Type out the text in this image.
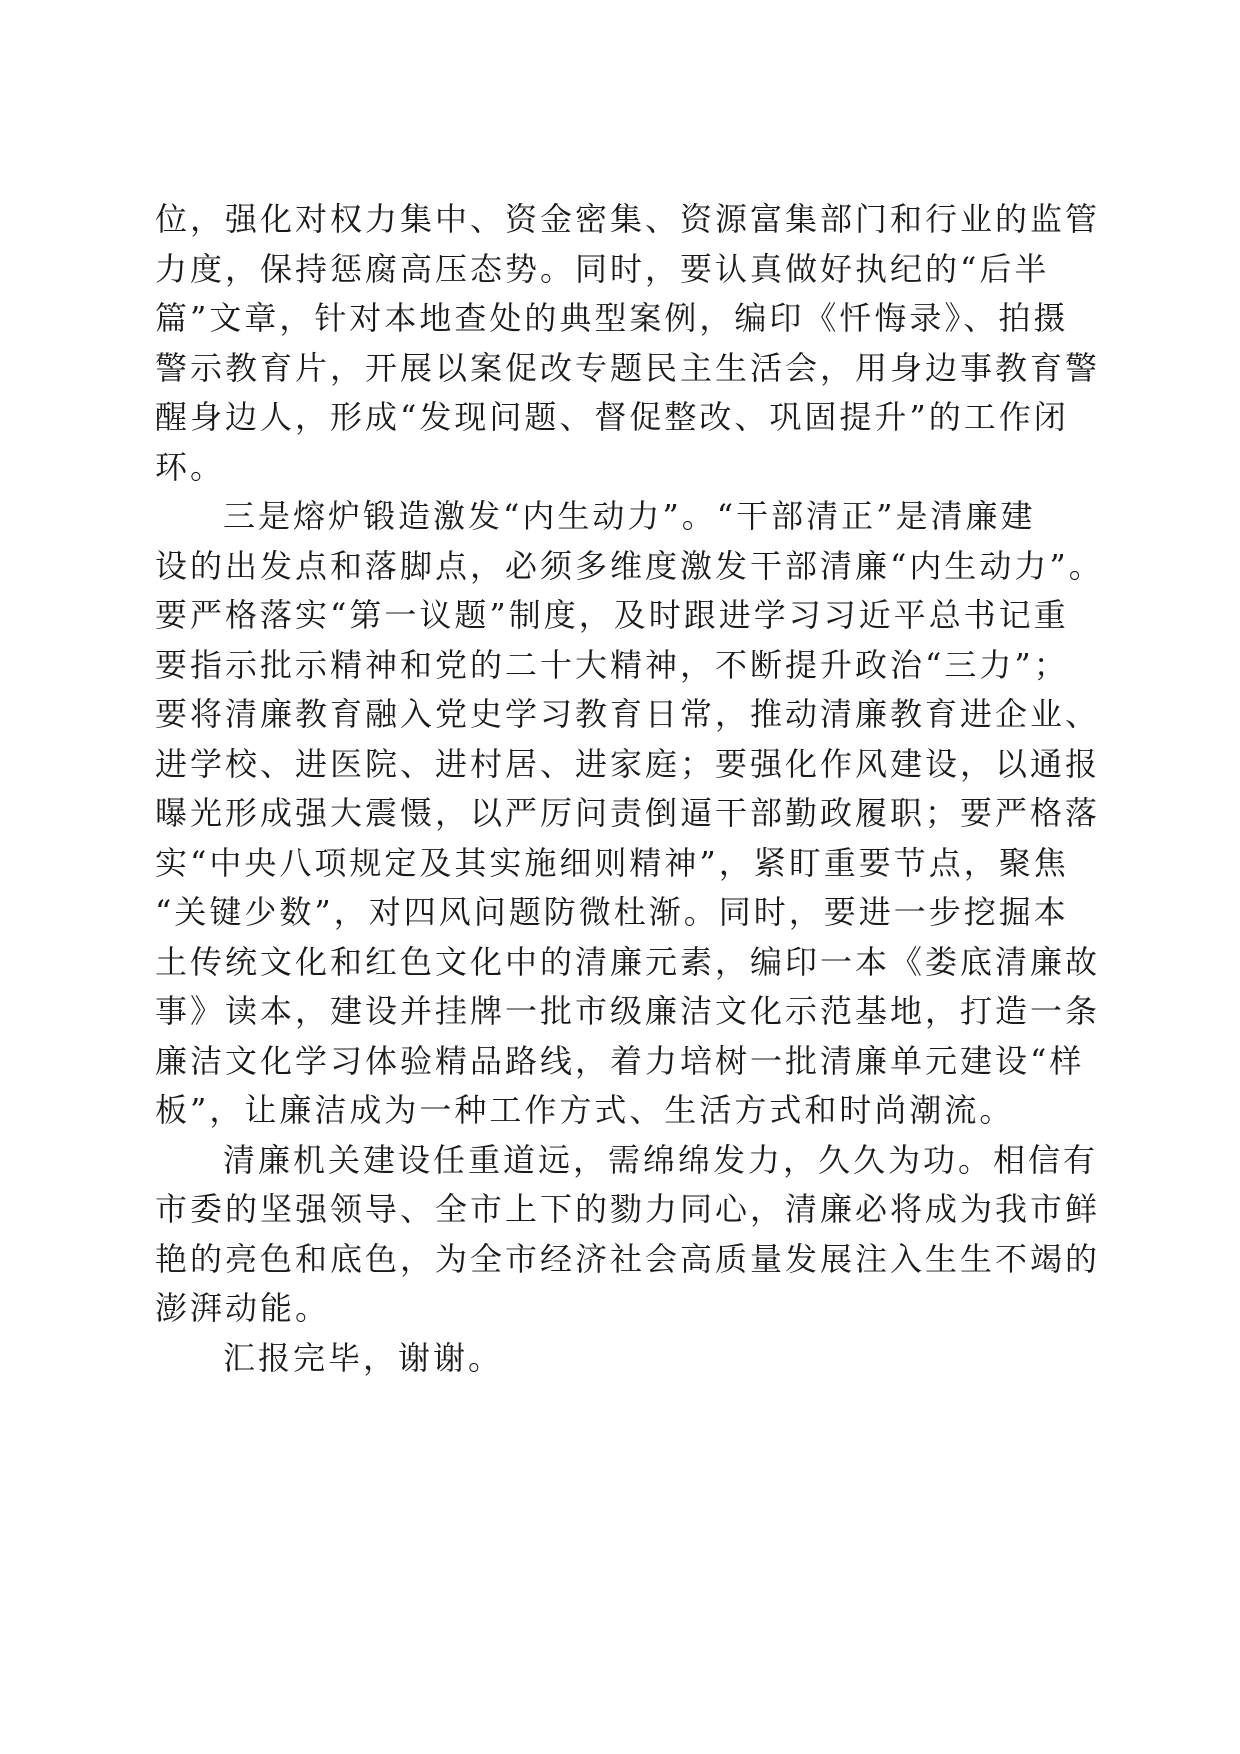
位，强化对权力集中、资金密集、资源富集部门和行业的监管
力度，保持惩腐高压态势。同时，要认真做好执纪的“后半
篇”文章，针对本地查处的典型案例，编印《忏悔录》、拍摄
警示教育片，开展以案促改专题民主生活会，用身边事教育警
醒身边人，形成“发现问题、督促整改、巩固提升”的工作闭
环。
三是熔炉锻造激发“内生动力”。“干部清正”是清廉建
设的出发点和落脚点，必须多维度激发干部清廉“内生动力”。
要严格落实“第一议题”制度，及时跟进学习习近平总书记重
要指示批示精神和党的二十大精神，不断提升政治“三力”；
要将清廉教育融入党史学习教育日常，推动清廉教育进企业、
进学校、进医院、进村居、进家庭；要强化作风建设，以通报
曝光形成强大震慑，以严厉问责倒逼干部勤政履职；要严格落
实“中央八项规定及其实施细则精神”，紧盯重要节点，聚焦
“关键少数”，对四风问题防微杜渐。同时，要进一步挖掘本
土传统文化和红色文化中的清廉元素，编印一本《娄底清廉故
事》读本，建设并挂牌一批市级廉洁文化示范基地，打造一条
廉洁文化学习体验精品路线，着力培树一批清廉单元建设“样
板”，让廉洁成为一种工作方式、生活方式和时尚潮流。
清廉机关建设任重道远，需绵绵发力，久久为功。相信有
市委的坚强领导、全市上下的勠力同心，清廉必将成为我市鲜
艳的亮色和底色，为全市经济社会高质量发展注入生生不竭的
澎湃动能。
汇报完毕，谢谢。
